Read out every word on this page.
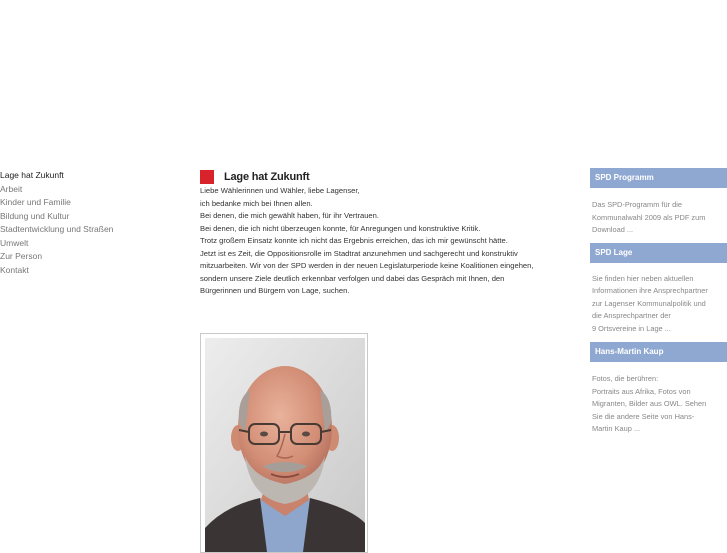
Lage hat Zukunft
Arbeit
Kinder und Familie
Bildung und Kultur
Stadtentwicklung und Straßen
Umwelt
Zur Person
Kontakt
Lage hat Zukunft

Liebe Wählerinnen und Wähler, liebe Lagenser,
ich bedanke mich bei Ihnen allen.
Bei denen, die mich gewählt haben, für ihr Vertrauen.
Bei denen, die ich nicht überzeugen konnte, für Anregungen und konstruktive Kritik.

Trotz großem Einsatz konnte ich nicht das Ergebnis erreichen, das ich mir gewünscht hätte.

Jetzt ist es Zeit, die Oppositionsrolle im Stadtrat anzunehmen und sachgerecht und konstruktiv
mitzuarbeiten. Wir von der SPD werden in der neuen Legislaturperiode keine Koalitionen eingehen,
sondern unsere Ziele deutlich erkennbar verfolgen und dabei das Gespräch mit Ihnen, den
Bürgerinnen und Bürgern von Lage, suchen.

SPD Programm

Das SPD-Programm für die
Kommunalwahl 2009 als PDF zum
Download ...

SPD Lage

Sie finden hier neben aktuellen
Informationen ihre Ansprechpartner
zur Lagenser Kommunalpolitik und
die Ansprechpartner der
9 Ortsvereine in Lage ...

Hans-Martin Kaup

Fotos, die berühren:
Portraits aus Afrika, Fotos von
Migranten, Bilder aus OWL. Sehen
Sie die andere Seite von Hans-
Martin Kaup ...
